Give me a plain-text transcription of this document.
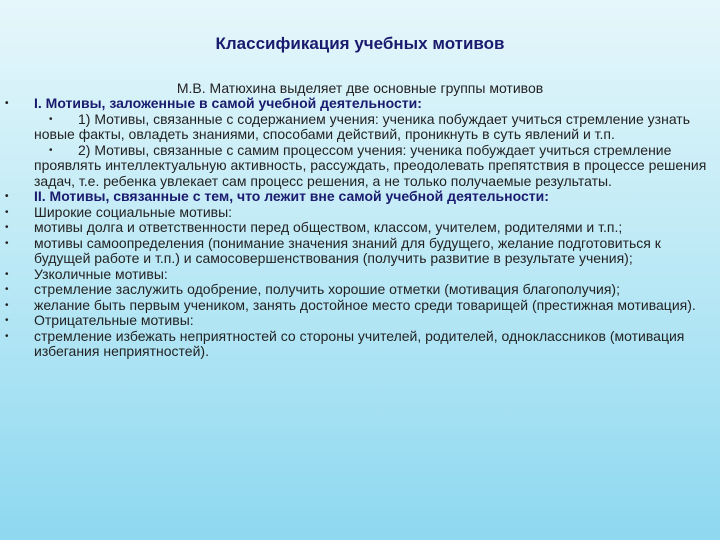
Классификация учебных мотивов
М.В. Матюхина выделяет две основные группы мотивов
• I. Мотивы, заложенные в самой учебной деятельности:
• 1) Мотивы, связанные с содержанием учения: ученика побуждает учиться стремление узнать новые факты, овладеть знаниями, способами действий, проникнуть в суть явлений и т.п.
• 2) Мотивы, связанные с самим процессом учения: ученика побуждает учиться стремление проявлять интеллектуальную активность, рассуждать, преодолевать препятствия в процессе решения задач, т.е. ребенка увлекает сам процесс решения, а не только получаемые результаты.
• II. Мотивы, связанные с тем, что лежит вне самой учебной деятельности:
• Широкие социальные мотивы:
• мотивы долга и ответственности перед обществом, классом, учителем, родителями и т.п.;
• мотивы самоопределения (понимание значения знаний для будущего, желание подготовиться к будущей работе и т.п.) и самосовершенствования (получить развитие в результате учения);
• Узколичные мотивы:
• стремление заслужить одобрение, получить хорошие отметки (мотивация благополучия);
• желание быть первым учеником, занять достойное место среди товарищей (престижная мотивация).
• Отрицательные мотивы:
• стремление избежать неприятностей со стороны учителей, родителей, одноклассников (мотивация избегания неприятностей).
